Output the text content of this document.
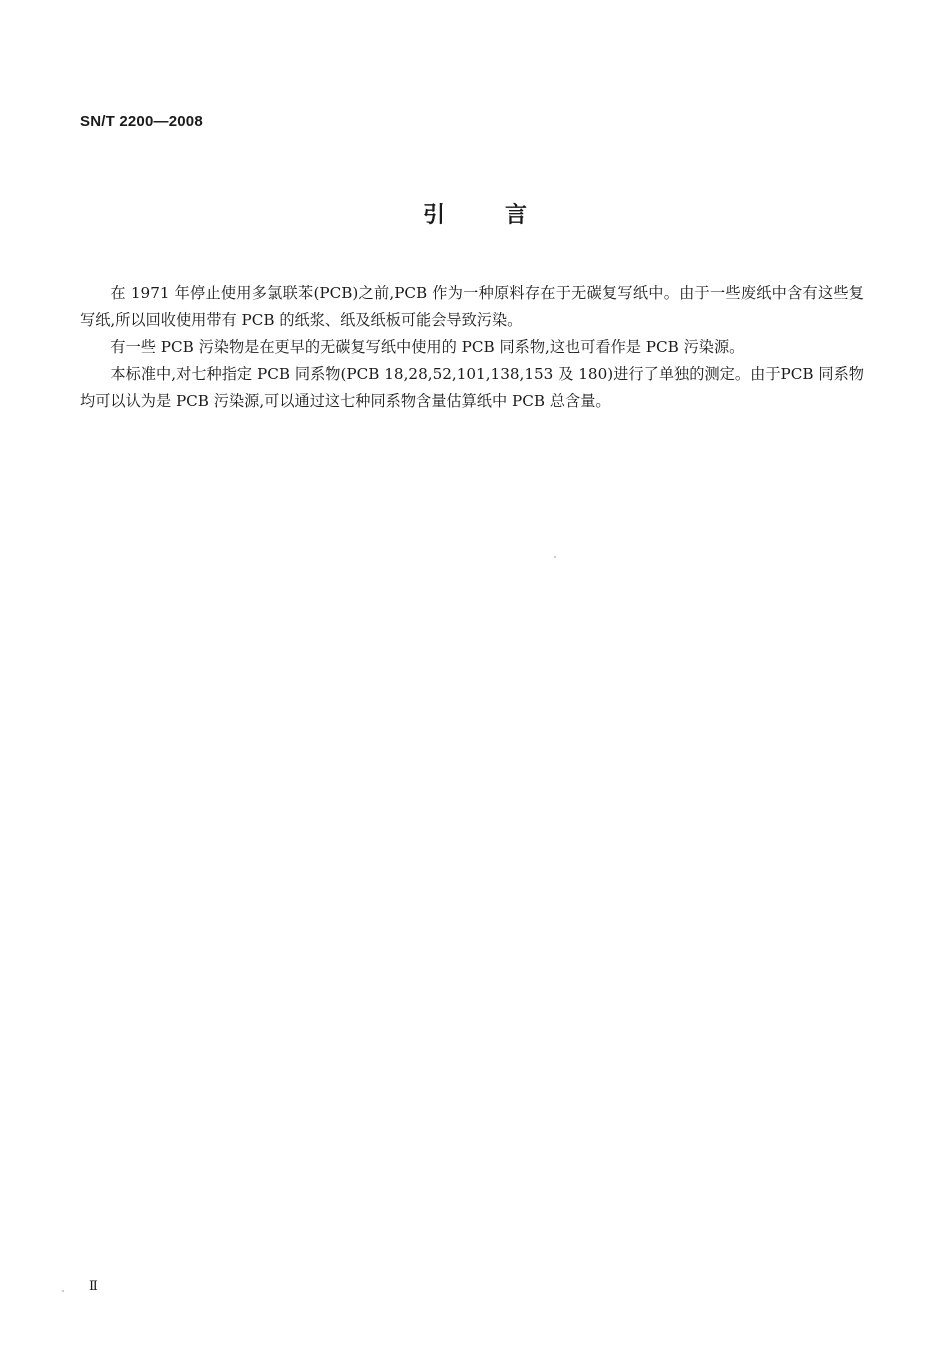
SN/T 2200—2008
引言

在 1971 年停止使用多氯联苯(PCB)之前,PCB 作为一种原料存在于无碳复写纸中。由于一些废纸中含有这些复写纸,所以回收使用带有 PCB 的纸浆、纸及纸板可能会导致污染。

有一些 PCB 污染物是在更早的无碳复写纸中使用的 PCB 同系物,这也可看作是 PCB 污染源。

本标准中,对七种指定 PCB 同系物(PCB 18,28,52,101,138,153 及 180)进行了单独的测定。由于PCB 同系物均可以认为是 PCB 污染源,可以通过这七种同系物含量估算纸中 PCB 总含量。

Ⅱ
